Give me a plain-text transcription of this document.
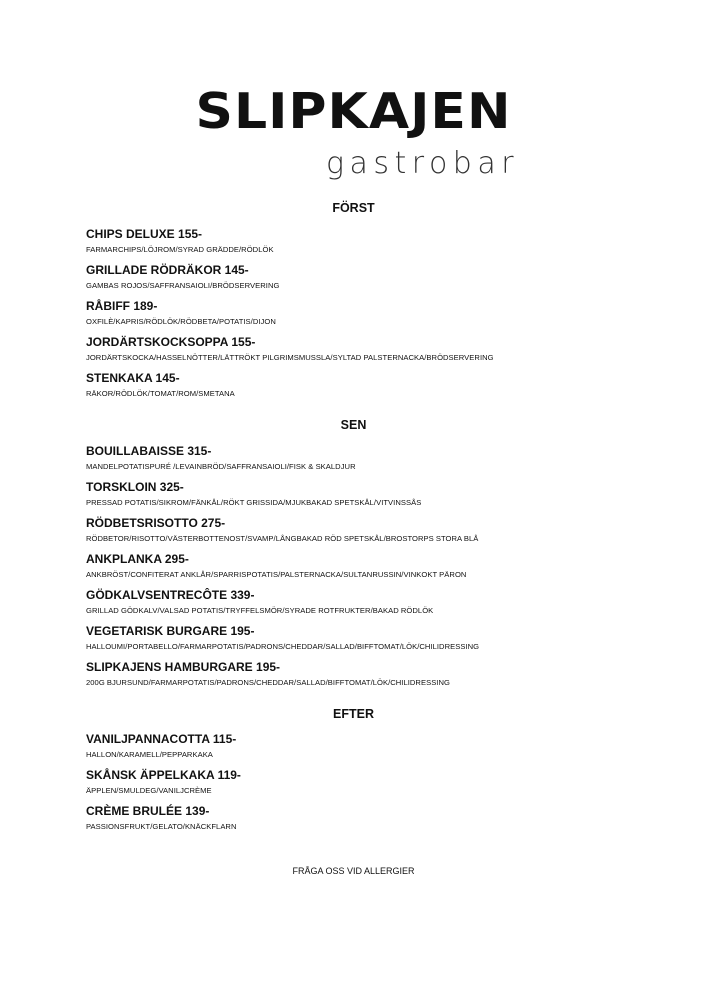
SLIPKAJEN
gastrobar
FÖRST
CHIPS DELUXE 155-
FARMARCHIPS/LÖJROM/SYRAD GRÄDDE/RÖDLÖK
GRILLADE RÖDRÄKOR 145-
GAMBAS ROJOS/SAFFRANSAIOLI/BRÖDSERVERING
RÅBIFF 189-
OXFILÈ/KAPRIS/RÖDLÖK/RÖDBETA/POTATIS/DIJON
JORDÄRTSKOCKSOPPA 155-
JORDÄRTSKOCKA/HASSELNÖTTER/LÄTTRÖKT PILGRIMSMUSSLA/SYLTAD PALSTERNACKA/BRÖDSERVERING
STENKAKA 145-
RÄKOR/RÖDLÖK/TOMAT/ROM/SMETANA
SEN
BOUILLABAISSE 315-
MANDELPOTATISPURÉ /LEVAINBRÖD/SAFFRANSAIOLI/FISK & SKALDJUR
TORSKLOIN 325-
PRESSAD POTATIS/SIKROM/FÄNKÅL/RÖKT GRISSIDA/MJUKBAKAD SPETSKÅL/VITVINSSÅS
RÖDBETSRISOTTO 275-
RÖDBETOR/RISOTTO/VÄSTERBOTTENOST/SVAMP/LÅNGBAKAD RÖD SPETSKÅL/BROSTORPS STORA BLÅ
ANKPLANKA 295-
ANKBRÖST/CONFITERAT ANKLÅR/SPARRISPOTATIS/PALSTERNACKA/SULTANRUSSIN/VINKOKT PÄRON
GÖDKALVSENTRECÔTE 339-
GRILLAD GÖDKALV/VALSAD POTATIS/TRYFFELSMÖR/SYRADE ROTFRUKTER/BAKAD RÖDLÖK
VEGETARISK BURGARE 195-
HALLOUMI/PORTABELLO/FARMARPOTATIS/PADRONS/CHEDDAR/SALLAD/BIFFTOMAT/LÖK/CHILIDRESSING
SLIPKAJENS HAMBURGARE 195-
200G BJURSUND/FARMARPOTATIS/PADRONS/CHEDDAR/SALLAD/BIFFTOMAT/LÖK/CHILIDRESSING
EFTER
VANILJPANNACOTTA 115-
HALLON/KARAMELL/PEPPARKAKA
SKÅNSK ÄPPELKAKA 119-
ÄPPLEN/SMULDEG/VANILJCRÈME
CRÈME BRULÉE 139-
PASSIONSFRUKT/GELATO/KNÄCKFLARN
FRÅGA OSS VID ALLERGIER
